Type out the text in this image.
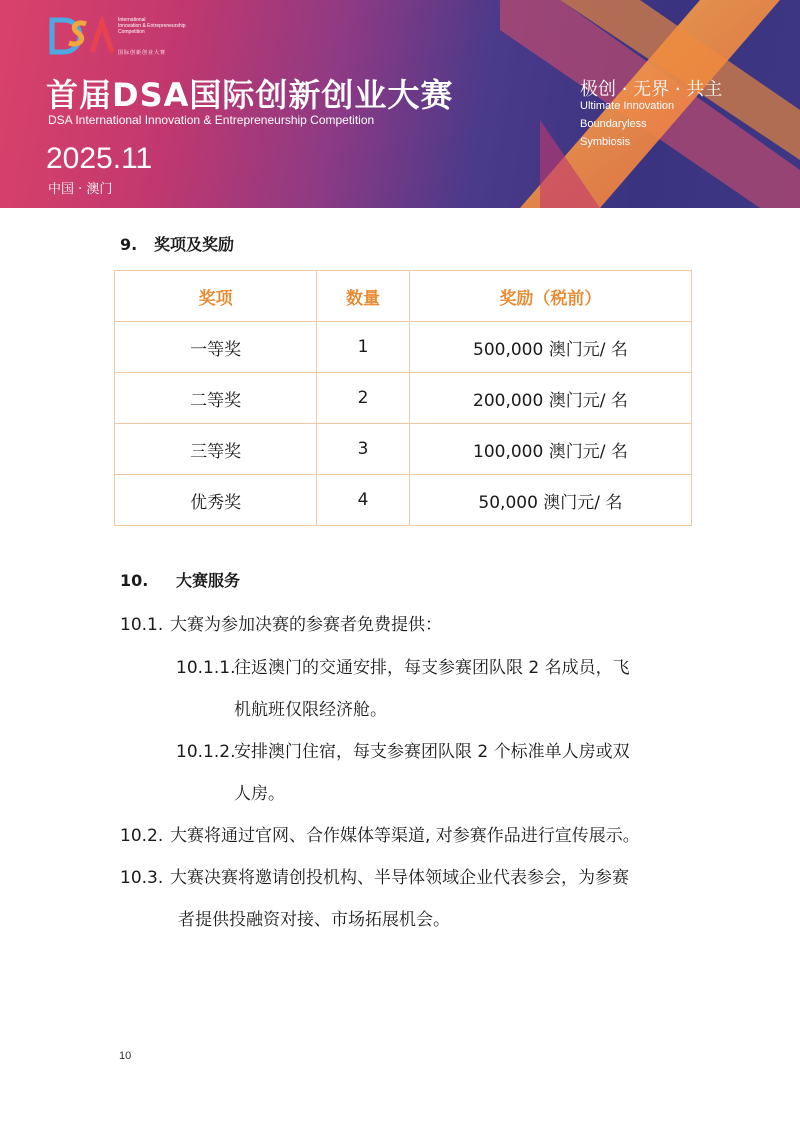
International
Innovation & Entrepreneurship
Competition
国际创新创业大赛
首届DSA国际创新创业大赛
DSA International Innovation & Entrepreneurship Competition
2025.11
中国 · 澳门
极创 · 无界 · 共主
Ultimate Innovation
Boundaryless
Symbiosis
9. 奖项及奖励
奖项	数量	奖励（税前）
一等奖	1	500,000 澳门元/ 名
二等奖	2	200,000 澳门元/ 名
三等奖	3	100,000 澳门元/ 名
优秀奖	4	50,000 澳门元/ 名
10. 大赛服务
10.1. 大赛为参加决赛的参赛者免费提供：
10.1.1.往返澳门的交通安排，每支参赛团队限 2 名成员，飞
机航班仅限经济舱。
10.1.2.安排澳门住宿，每支参赛团队限 2 个标准单人房或双
人房。
10.2. 大赛将通过官网、合作媒体等渠道, 对参赛作品进行宣传展示。
10.3. 大赛决赛将邀请创投机构、半导体领域企业代表参会，为参赛
者提供投融资对接、市场拓展机会。
10
